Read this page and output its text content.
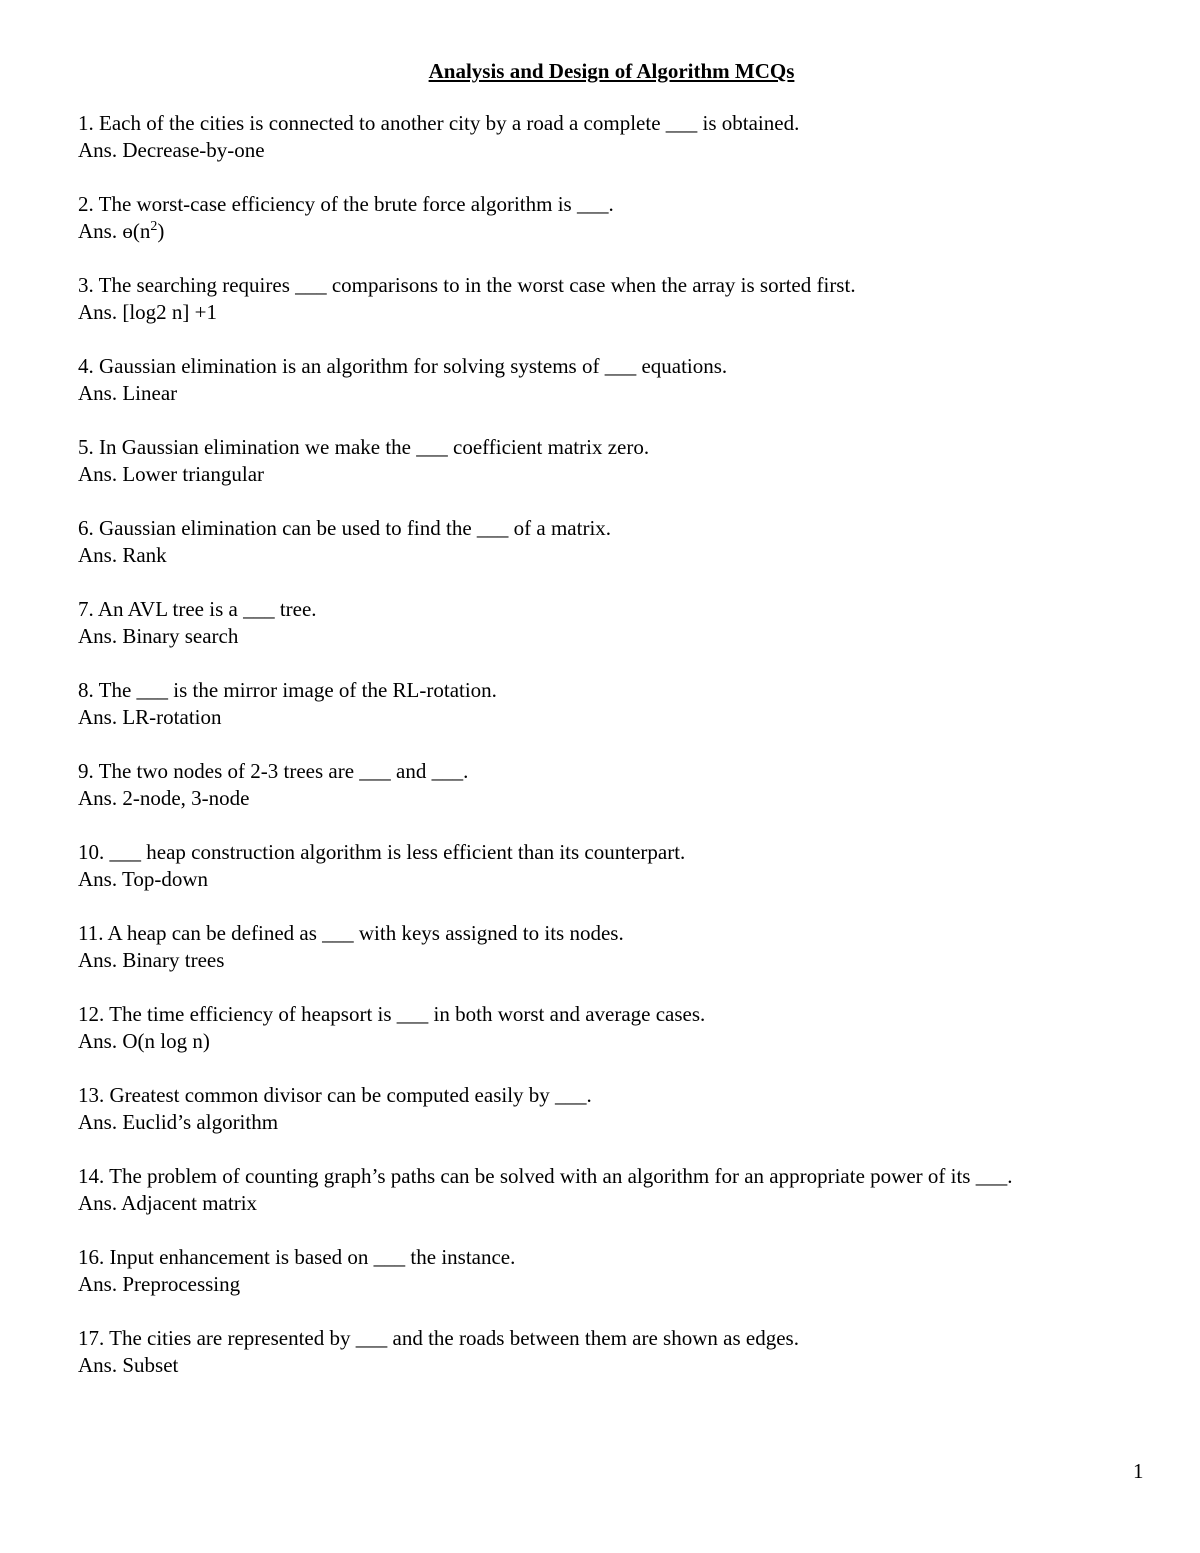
Analysis and Design of Algorithm MCQs
1. Each of the cities is connected to another city by a road a complete ___ is obtained.
Ans. Decrease-by-one
2. The worst-case efficiency of the brute force algorithm is ___.
Ans. $ɵ(n^2)$
3. The searching requires ___ comparisons to in the worst case when the array is sorted first.
Ans. [log2 n] +1
4. Gaussian elimination is an algorithm for solving systems of ___ equations.
Ans. Linear
5. In Gaussian elimination we make the ___ coefficient matrix zero.
Ans. Lower triangular
6. Gaussian elimination can be used to find the ___ of a matrix.
Ans. Rank
7. An AVL tree is a ___ tree.
Ans. Binary search
8. The ___ is the mirror image of the RL-rotation.
Ans. LR-rotation
9. The two nodes of 2-3 trees are ___ and ___.
Ans. 2-node, 3-node
10. ___ heap construction algorithm is less efficient than its counterpart.
Ans. Top-down
11. A heap can be defined as ___ with keys assigned to its nodes.
Ans. Binary trees
12. The time efficiency of heapsort is ___ in both worst and average cases.
Ans. O(n log n)
13. Greatest common divisor can be computed easily by ___.
Ans. Euclid’s algorithm
14. The problem of counting graph’s paths can be solved with an algorithm for an appropriate power of its ___.
Ans. Adjacent matrix
16. Input enhancement is based on ___ the instance.
Ans. Preprocessing
17. The cities are represented by ___ and the roads between them are shown as edges.
Ans. Subset
1
